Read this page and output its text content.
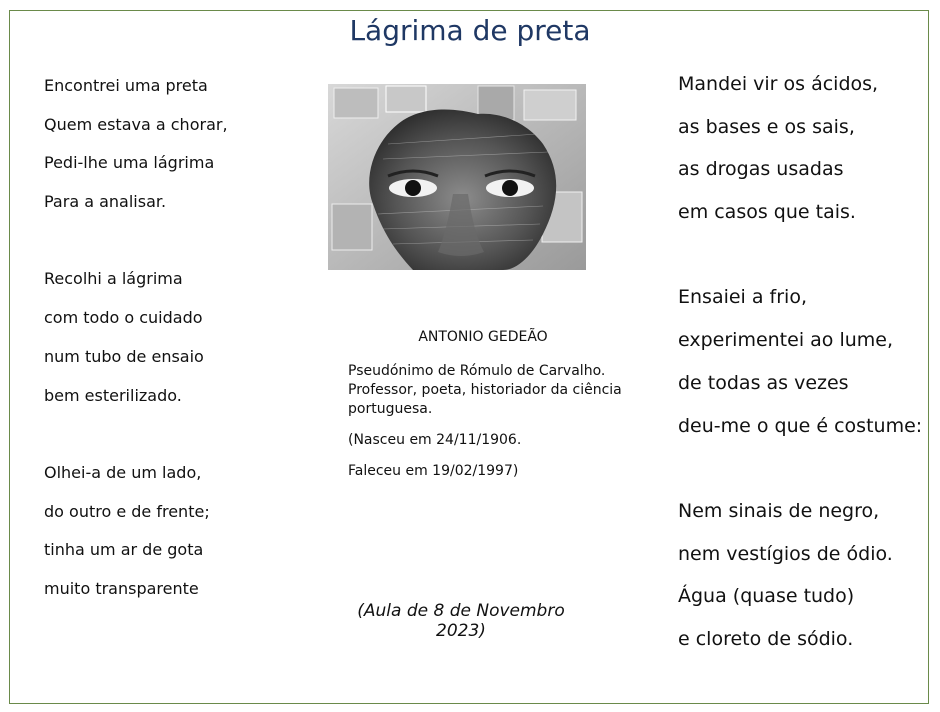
Lágrima de preta
Encontrei uma preta
Quem estava a chorar,
Pedi-lhe uma lágrima
Para a analisar.
Recolhi a lágrima
com todo o cuidado
num tubo de ensaio
bem esterilizado.
Olhei-a de um lado,
do outro e de frente;
tinha um ar de gota
muito transparente
Mandei vir os ácidos,
as bases e os sais,
as drogas usadas
em casos que tais.
Ensaiei a frio,
experimentei ao lume,
de todas as vezes
deu-me o que é costume:
Nem sinais de negro,
nem vestígios de ódio.
Água (quase tudo)
e cloreto de sódio.
ANTONIO GEDEÃO

Pseudónimo de Rómulo de Carvalho. Professor, poeta, historiador da ciência portuguesa.

(Nasceu em 24/11/1906.

Faleceu em 19/02/1997)

(Aula de 8 de Novembro 2023)
